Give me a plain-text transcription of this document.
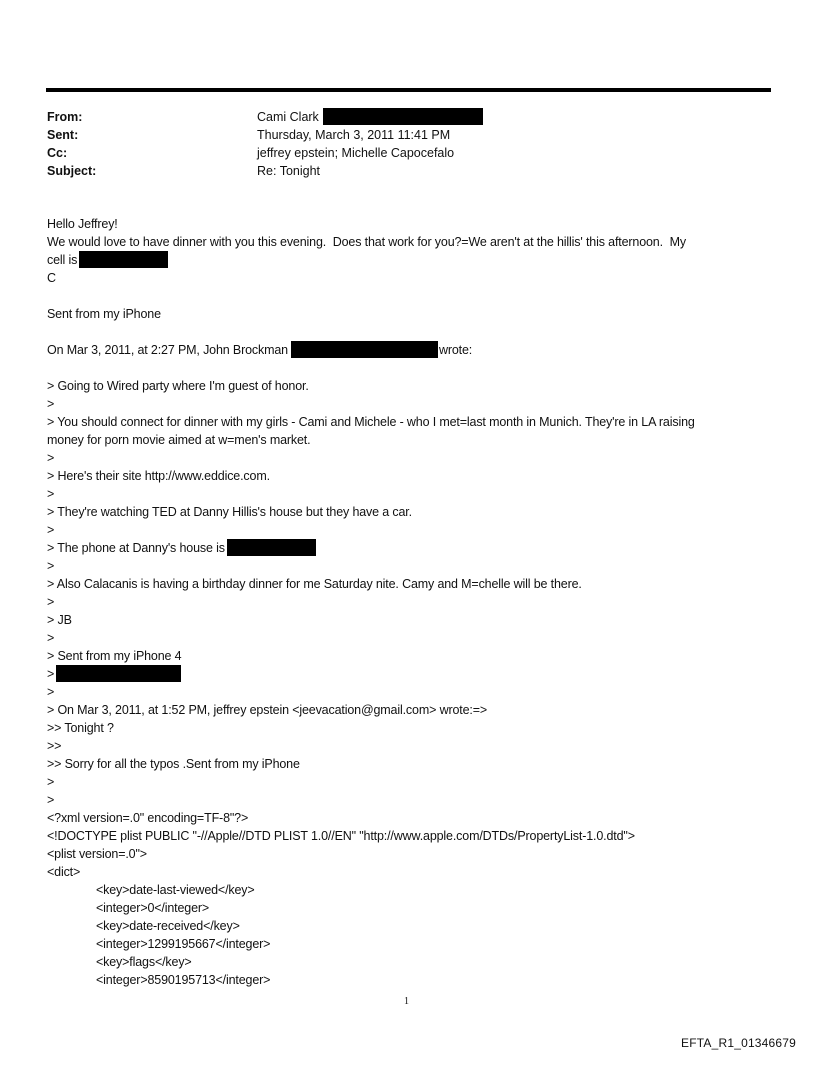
From:	Cami Clark
Sent:	Thursday, March 3, 2011 11:41 PM
Cc:	jeffrey epstein; Michelle Capocefalo
Subject:	Re: Tonight
Hello Jeffrey!
We would love to have dinner with you this evening.  Does that work for you?=We aren't at the hillis' this afternoon.  My
cell is
C
Sent from my iPhone
On Mar 3, 2011, at 2:27 PM, John Brockman	wrote:
> Going to Wired party where I'm guest of honor.
>
> You should connect for dinner with my girls - Cami and Michele - who I met=last month in Munich. They're in LA raising
money for porn movie aimed at w=men's market.
>
> Here's their site http://www.eddice.com.
>
> They're watching TED at Danny Hillis's house but they have a car.
>
> The phone at Danny's house is
>
> Also Calacanis is having a birthday dinner for me Saturday nite. Camy and M=chelle will be there.
>
> JB
>
> Sent from my iPhone 4
>
>
> On Mar 3, 2011, at 1:52 PM, jeffrey epstein <jeevacation@gmail.com> wrote:=>
>> Tonight ?
>>
>> Sorry for all the typos .Sent from my iPhone
>
>
<?xml version=.0" encoding=TF-8"?>
<!DOCTYPE plist PUBLIC "-//Apple//DTD PLIST 1.0//EN" "http://www.apple.com/DTDs/PropertyList-1.0.dtd">
<plist version=.0">
<dict>
<key>date-last-viewed</key>
<integer>0</integer>
<key>date-received</key>
<integer>1299195667</integer>
<key>flags</key>
<integer>8590195713</integer>
1
EFTA_R1_01346679
